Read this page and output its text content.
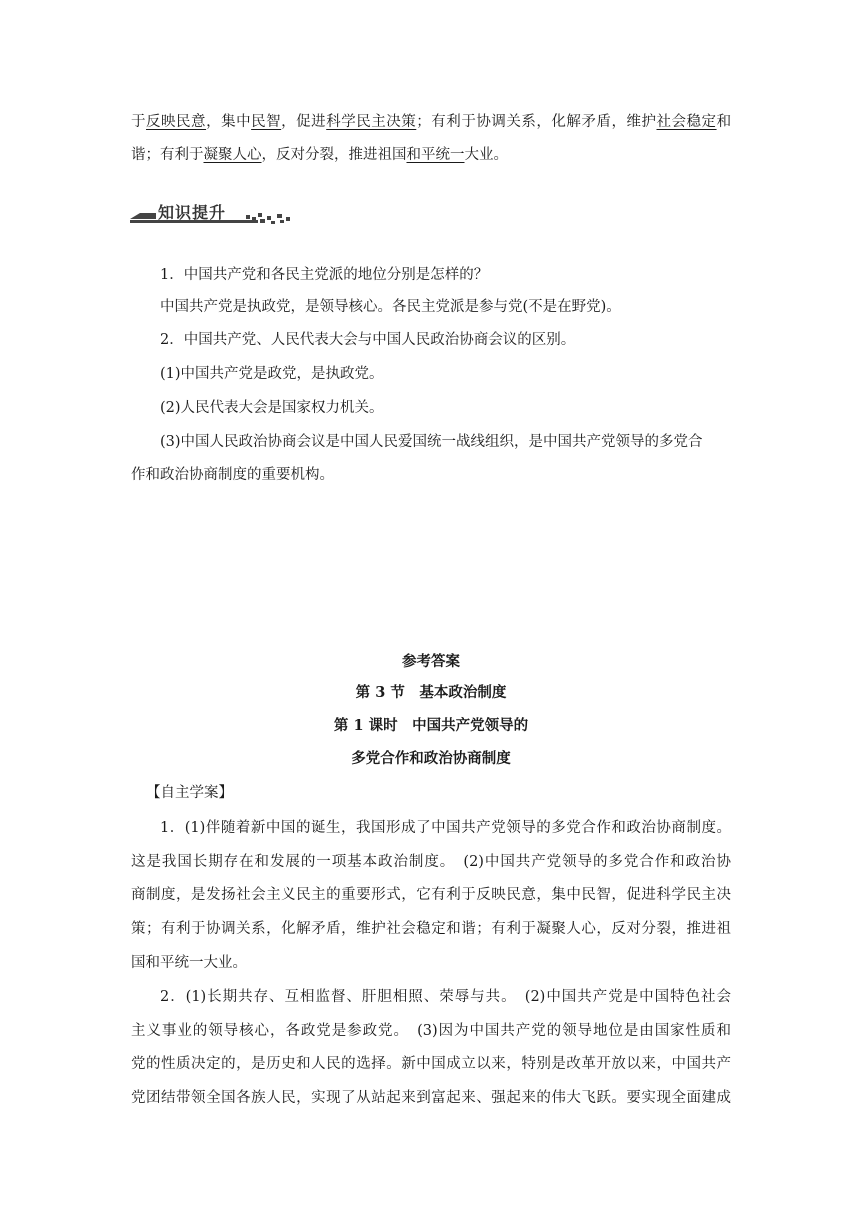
于反映民意，集中民智，促进科学民主决策；有利于协调关系，化解矛盾，维护社会稳定和
谐；有利于凝聚人心，反对分裂，推进祖国和平统一大业。
知识提升
1．中国共产党和各民主党派的地位分别是怎样的？
中国共产党是执政党，是领导核心。各民主党派是参与党(不是在野党)。
2．中国共产党、人民代表大会与中国人民政治协商会议的区别。
(1)中国共产党是政党，是执政党。
(2)人民代表大会是国家权力机关。
(3)中国人民政治协商会议是中国人民爱国统一战线组织，是中国共产党领导的多党合
作和政治协商制度的重要机构。
参考答案
第 3 节　基本政治制度
第 1 课时　中国共产党领导的
多党合作和政治协商制度
【自主学案】
1．(1)伴随着新中国的诞生，我国形成了中国共产党领导的多党合作和政治协商制度。
这是我国长期存在和发展的一项基本政治制度。　(2)中国共产党领导的多党合作和政治协
商制度，是发扬社会主义民主的重要形式，它有利于反映民意，集中民智，促进科学民主决
策；有利于协调关系，化解矛盾，维护社会稳定和谐；有利于凝聚人心，反对分裂，推进祖
国和平统一大业。
2．(1)长期共存、互相监督、肝胆相照、荣辱与共。　(2)中国共产党是中国特色社会
主义事业的领导核心，各政党是参政党。　(3)因为中国共产党的领导地位是由国家性质和
党的性质决定的，是历史和人民的选择。新中国成立以来，特别是改革开放以来，中国共产
党团结带领全国各族人民，实现了从站起来到富起来、强起来的伟大飞跃。要实现全面建成
